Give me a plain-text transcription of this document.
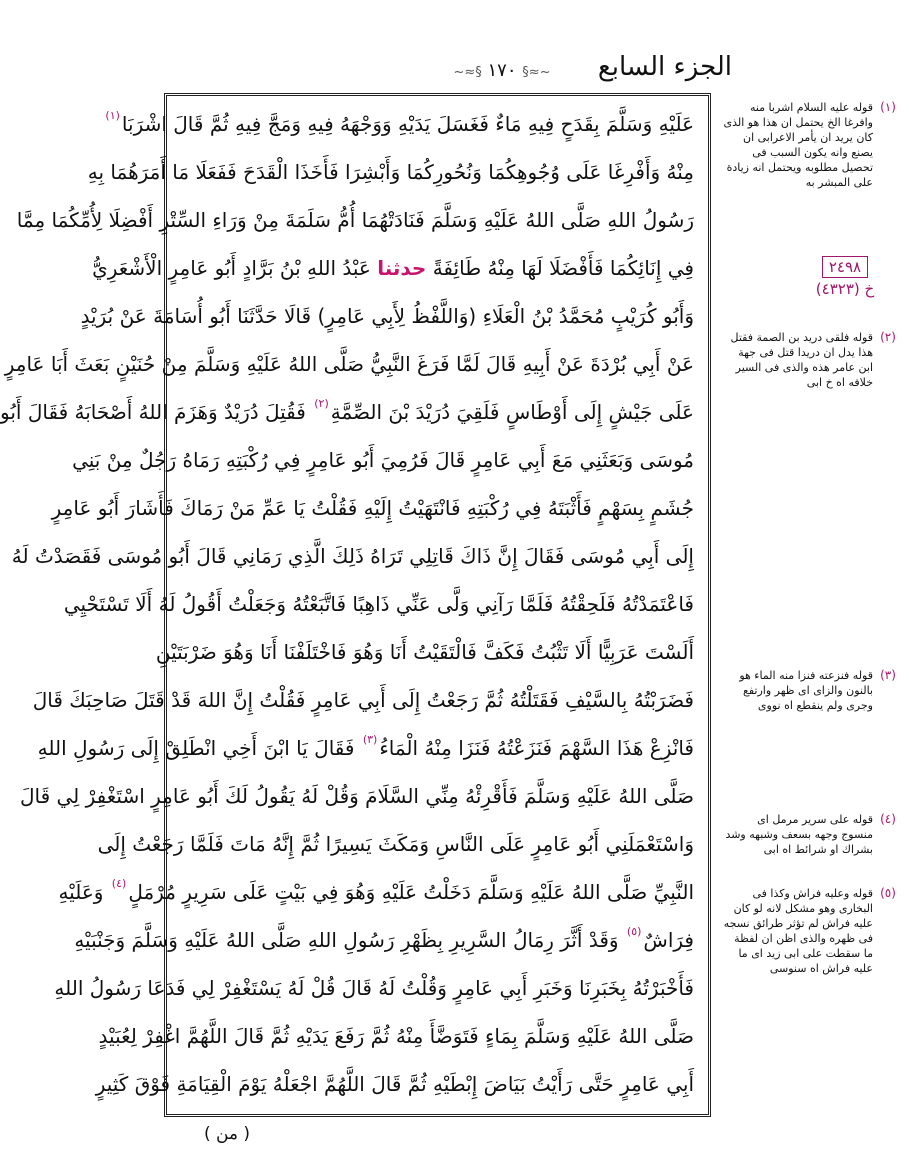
الجزء السابع
~≈§ ١٧٠ §≈~
عَلَيْهِ وَسَلَّمَ بِقَدَحٍ فِيهِ مَاءٌ فَغَسَلَ يَدَيْهِ وَوَجْهَهُ فِيهِ وَمَجَّ فِيهِ ثُمَّ قَالَ اشْرَبَا$^{(١)}$
مِنْهُ وَأَفْرِغَا عَلَى وُجُوهِكُمَا وَنُحُورِكُمَا وَأَبْشِرَا فَأَخَذَا الْقَدَحَ فَفَعَلَا مَا أَمَرَهُمَا بِهِ
رَسُولُ اللهِ صَلَّى اللهُ عَلَيْهِ وَسَلَّمَ فَنَادَتْهُمَا أُمُّ سَلَمَةَ مِنْ وَرَاءِ السِّتْرِ أَفْضِلَا لِأُمِّكُمَا مِمَّا
فِي إِنَائِكُمَا فَأَفْضَلَا لَهَا مِنْهُ طَائِفَةً حدثنا عَبْدُ اللهِ بْنُ بَرَّادٍ أَبُو عَامِرٍ الْأَشْعَرِيُّ
وَأَبُو كُرَيْبٍ مُحَمَّدُ بْنُ الْعَلَاءِ (وَاللَّفْظُ لِأَبِي عَامِرٍ) قَالَا حَدَّثَنَا أَبُو أُسَامَةَ عَنْ بُرَيْدٍ
عَنْ أَبِي بُرْدَةَ عَنْ أَبِيهِ قَالَ لَمَّا فَرَغَ النَّبِيُّ صَلَّى اللهُ عَلَيْهِ وَسَلَّمَ مِنْ حُنَيْنٍ بَعَثَ أَبَا عَامِرٍ
عَلَى جَيْشٍ إِلَى أَوْطَاسٍ فَلَقِيَ دُرَيْدَ بْنَ الصِّمَّةِ$^{(٢)}$ فَقُتِلَ دُرَيْدٌ وَهَزَمَ اللهُ أَصْحَابَهُ فَقَالَ أَبُو
مُوسَى وَبَعَثَنِي مَعَ أَبِي عَامِرٍ قَالَ فَرُمِيَ أَبُو عَامِرٍ فِي رُكْبَتِهِ رَمَاهُ رَجُلٌ مِنْ بَنِي
جُشَمٍ بِسَهْمٍ فَأَثْبَتَهُ فِي رُكْبَتِهِ فَانْتَهَيْتُ إِلَيْهِ فَقُلْتُ يَا عَمِّ مَنْ رَمَاكَ فَأَشَارَ أَبُو عَامِرٍ
إِلَى أَبِي مُوسَى فَقَالَ إِنَّ ذَاكَ قَاتِلِي تَرَاهُ ذَلِكَ الَّذِي رَمَانِي قَالَ أَبُو مُوسَى فَقَصَدْتُ لَهُ
فَاعْتَمَدْتُهُ فَلَحِقْتُهُ فَلَمَّا رَآنِي وَلَّى عَنِّي ذَاهِبًا فَاتَّبَعْتُهُ وَجَعَلْتُ أَقُولُ لَهُ أَلَا تَسْتَحْيِي
أَلَسْتَ عَرَبِيًّا أَلَا تَثْبُتُ فَكَفَّ فَالْتَقَيْتُ أَنَا وَهُوَ فَاخْتَلَفْنَا أَنَا وَهُوَ ضَرْبَتَيْنِ
فَضَرَبْتُهُ بِالسَّيْفِ فَقَتَلْتُهُ ثُمَّ رَجَعْتُ إِلَى أَبِي عَامِرٍ فَقُلْتُ إِنَّ اللهَ قَدْ قَتَلَ صَاحِبَكَ قَالَ
فَانْزِعْ هَذَا السَّهْمَ فَنَزَعْتُهُ فَنَزَا مِنْهُ الْمَاءُ$^{(٣)}$ فَقَالَ يَا ابْنَ أَخِي انْطَلِقْ إِلَى رَسُولِ اللهِ
صَلَّى اللهُ عَلَيْهِ وَسَلَّمَ فَأَقْرِئْهُ مِنِّي السَّلَامَ وَقُلْ لَهُ يَقُولُ لَكَ أَبُو عَامِرٍ اسْتَغْفِرْ لِي قَالَ
وَاسْتَعْمَلَنِي أَبُو عَامِرٍ عَلَى النَّاسِ وَمَكَثَ يَسِيرًا ثُمَّ إِنَّهُ مَاتَ فَلَمَّا رَجَعْتُ إِلَى
النَّبِيِّ صَلَّى اللهُ عَلَيْهِ وَسَلَّمَ دَخَلْتُ عَلَيْهِ وَهُوَ فِي بَيْتٍ عَلَى سَرِيرٍ مُرْمَلٍ$^{(٤)}$ وَعَلَيْهِ
فِرَاشٌ$^{(٥)}$ وَقَدْ أَثَّرَ رِمَالُ السَّرِيرِ بِظَهْرِ رَسُولِ اللهِ صَلَّى اللهُ عَلَيْهِ وَسَلَّمَ وَجَنْبَيْهِ
فَأَخْبَرْتُهُ بِخَبَرِنَا وَخَبَرِ أَبِي عَامِرٍ وَقُلْتُ لَهُ قَالَ قُلْ لَهُ يَسْتَغْفِرْ لِي فَدَعَا رَسُولُ اللهِ
صَلَّى اللهُ عَلَيْهِ وَسَلَّمَ بِمَاءٍ فَتَوَضَّأَ مِنْهُ ثُمَّ رَفَعَ يَدَيْهِ ثُمَّ قَالَ اللَّهُمَّ اغْفِرْ لِعُبَيْدٍ
أَبِي عَامِرٍ حَتَّى رَأَيْتُ بَيَاضَ إِبْطَيْهِ ثُمَّ قَالَ اللَّهُمَّ اجْعَلْهُ يَوْمَ الْقِيَامَةِ فَوْقَ كَثِيرٍ
٢٤٩٨
خ (٤٣٢٣)
(١)
قوله عليه السلام اشربا منه وافرغا الخ يحتمل ان هذا هو الذى كان يريد ان يأمر الاعرابى ان يصنع وانه يكون السبب فى تحصيل مطلوبه ويحتمل انه زيادة على المبشر به
(٢)
قوله فلقى دريد بن الصمة فقتل هذا يدل ان دريدا قتل فى جهة ابن عامر هذه والذى فى السير خلافه اه خ ابى
(٣)
قوله فنزعته فنزا منه الماء هو بالنون والزاى اى ظهر وارتفع وجرى ولم ينقطع اه نووى
(٤)
قوله على سرير مرمل اى منسوج وجهه بسعف وشبهه وشد بشراك او شرائط اه ابى
(٥)
قوله وعليه فراش وكذا فى البخارى وهو مشكل لانه لو كان عليه فراش لم تؤثر طرائق نسجه فى ظهره والذى اظن ان لفظة ما سقطت على ابى زيد اى ما عليه فراش اه سنوسى
( من )
